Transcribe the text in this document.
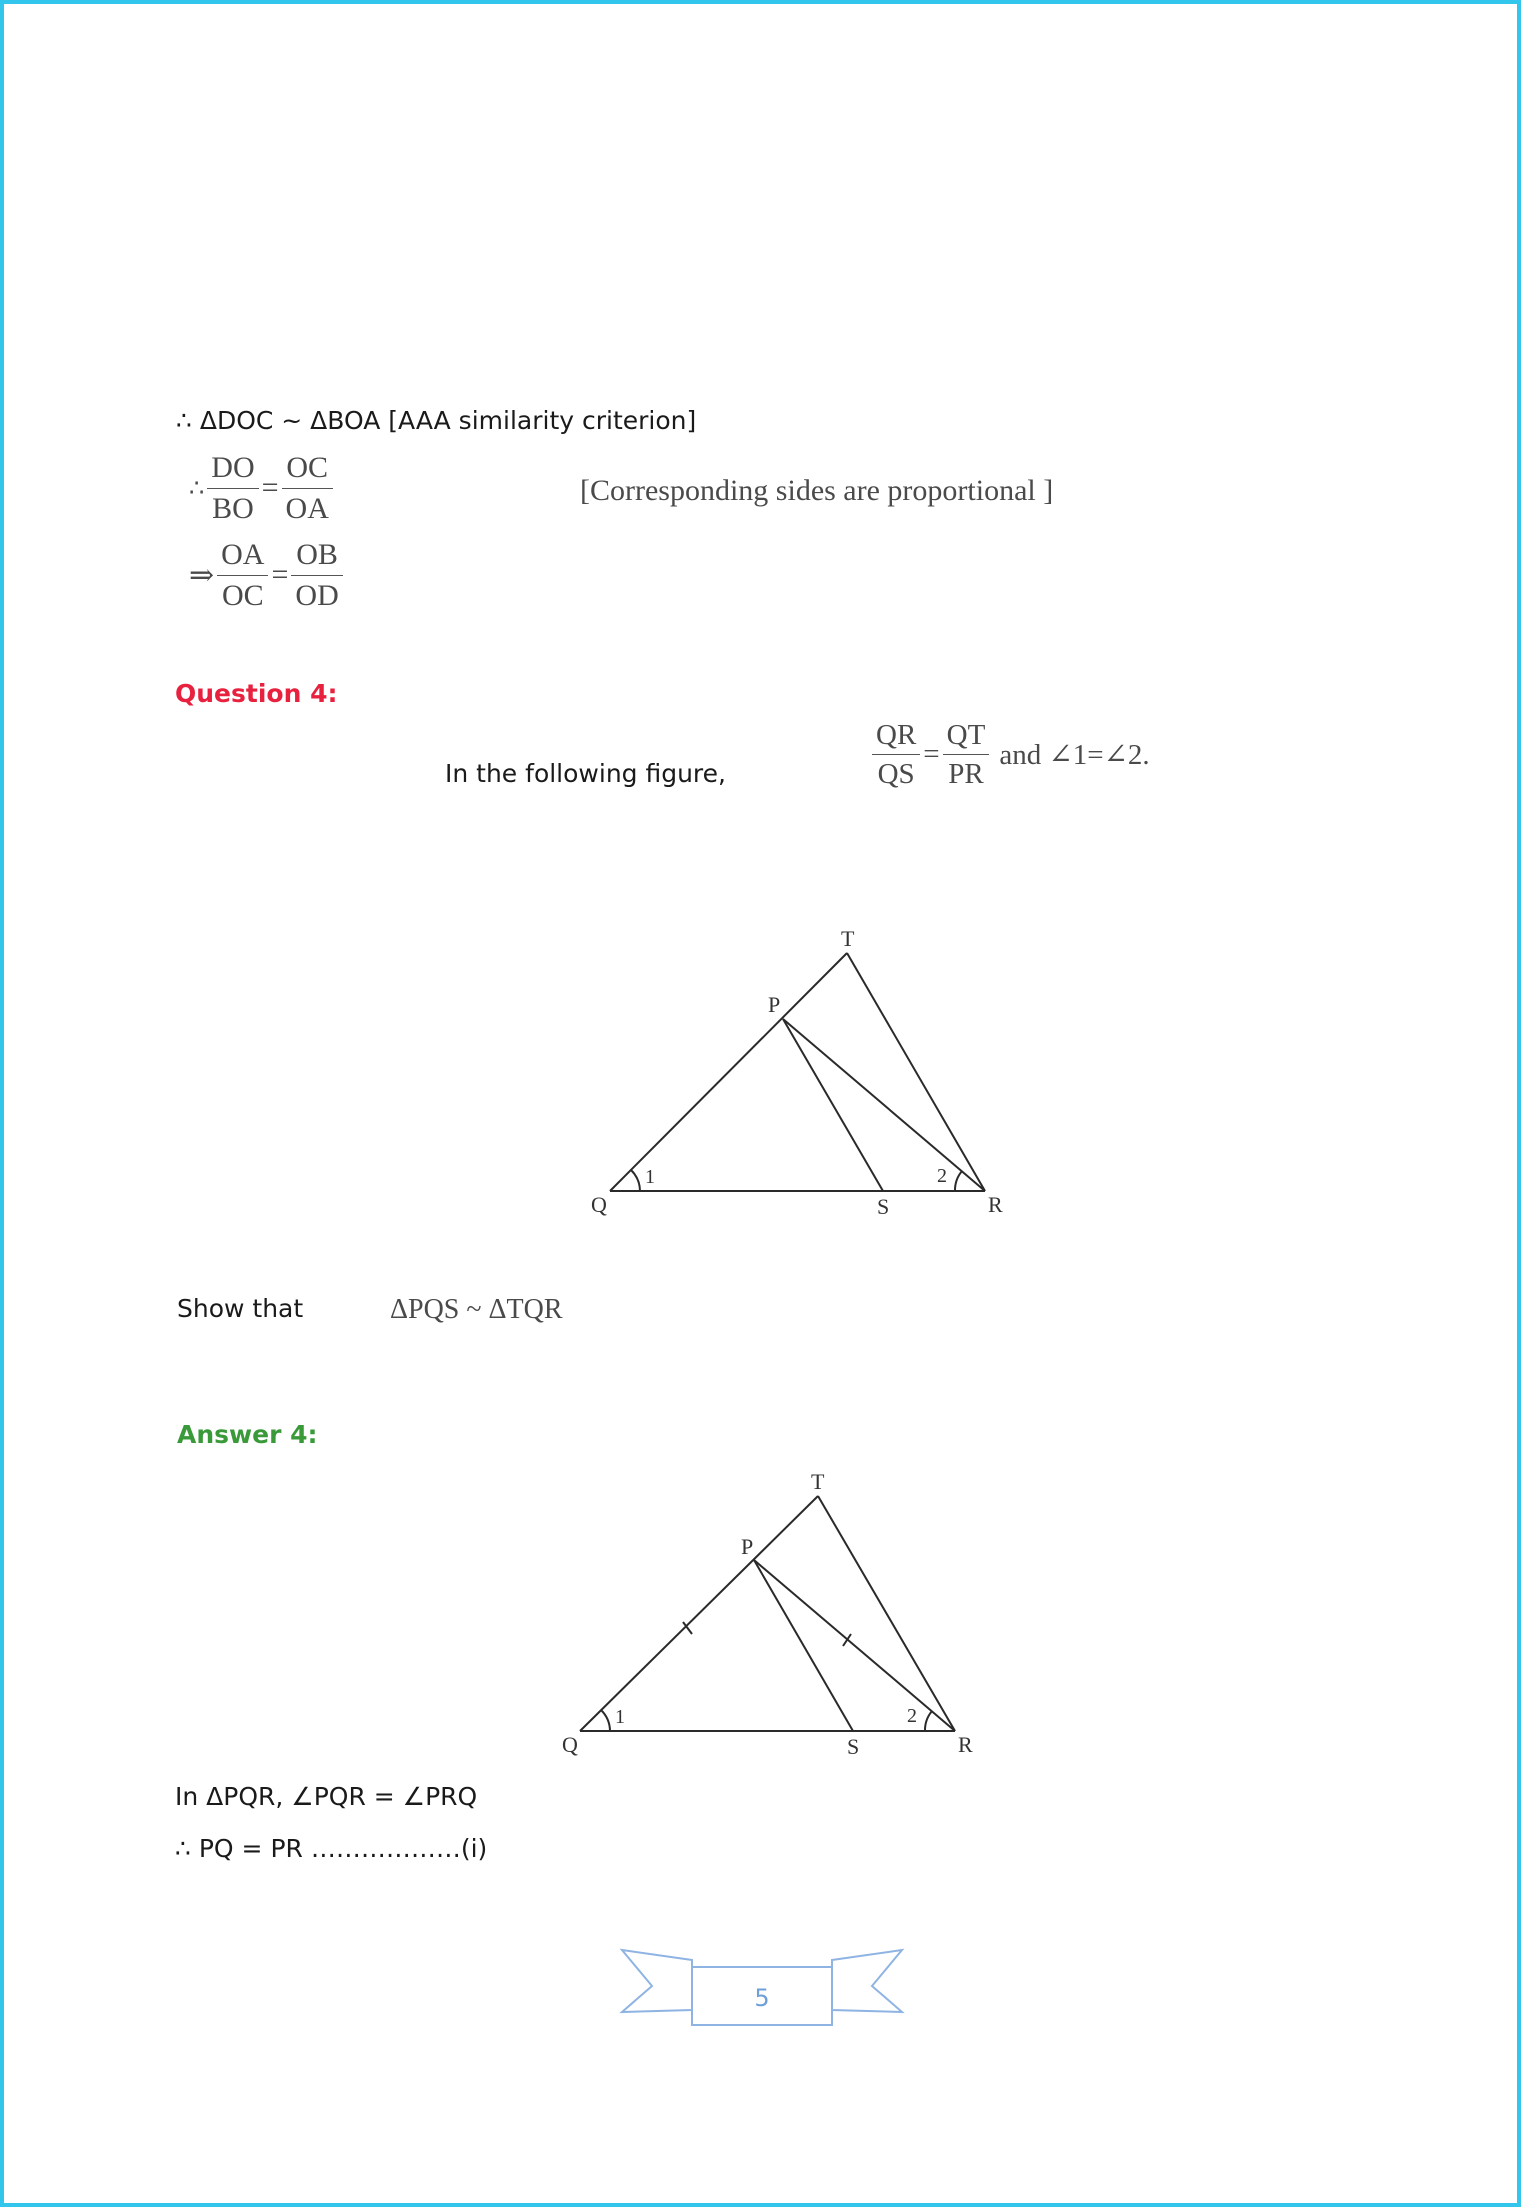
∴ ΔDOC ~ ΔBOA [AAA similarity criterion]
∴ $\frac{DO}{BO} = \frac{OC}{OA}$	[Corresponding sides are proportional ]
⇒ $\frac{OA}{OC} = \frac{OB}{OD}$
Question 4:
In the following figure,	$\frac{QR}{QS} = \frac{QT}{PR}$ and ∠1=∠2.
T
P
Q	S	R
1	2
T
P
Q	S	R
1	2
5
Show that	ΔPQS ~ ΔTQR
Answer 4:
In ΔPQR, ∠PQR = ∠PRQ
∴ PQ = PR ………………(i)
